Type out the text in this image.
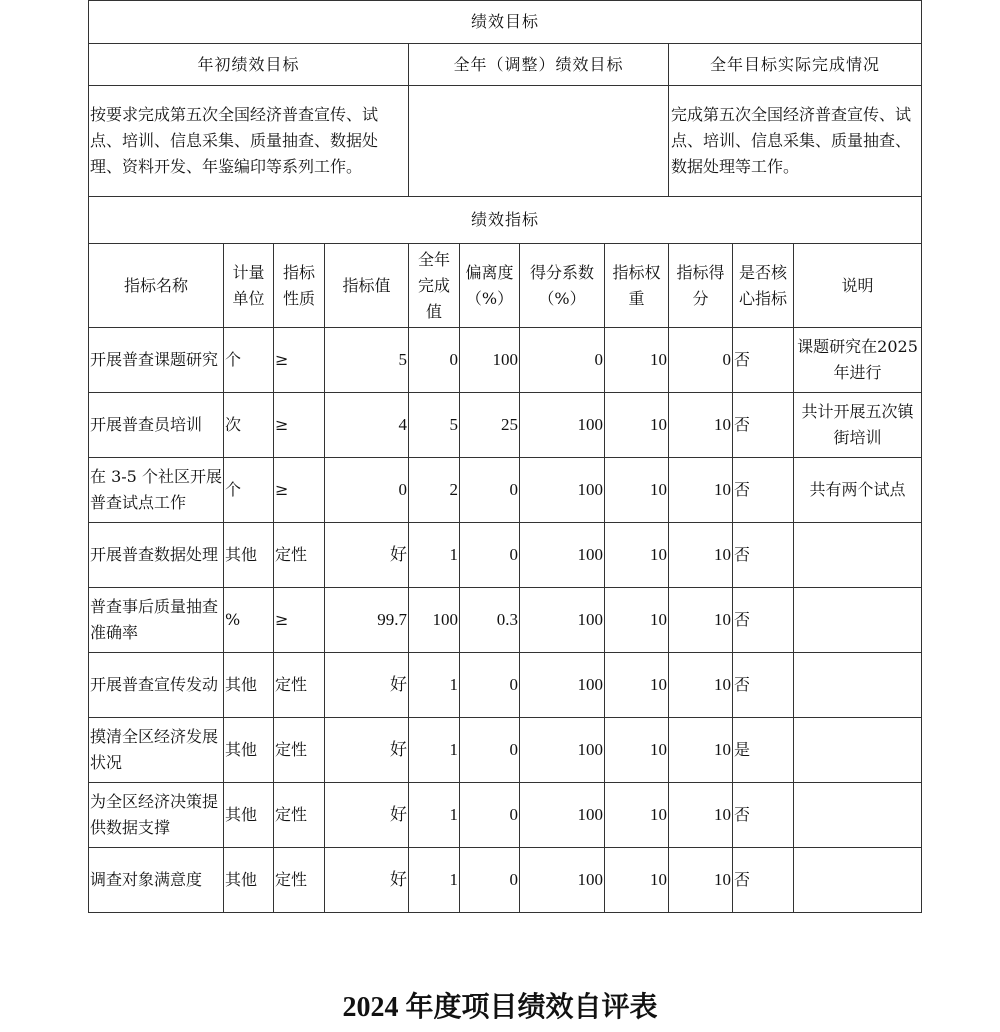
绩效目标										
年初绩效目标				全年（调整）绩效目标				全年目标实际完成情况		
按要求完成第五次全国经济普查宣传、试点、培训、信息采集、质量抽查、数据处理、资料开发、年鉴编印等系列工作。								完成第五次全国经济普查宣传、试点、培训、信息采集、质量抽查、数据处理等工作。		
绩效指标										
指标名称	计量单位	指标性质	指标值	全年完成值	偏离度（%）	得分系数（%）	指标权重	指标得分	是否核心指标	说明
开展普查课题研究	个	≥	5	0	100	0	10	0	否	课题研究在2025 年进行
开展普查员培训	次	≥	4	5	25	100	10	10	否	共计开展五次镇街培训
在 3-5 个社区开展普查试点工作	个	≥	0	2	0	100	10	10	否	共有两个试点
开展普查数据处理	其他	定性	好	1	0	100	10	10	否	
普查事后质量抽查准确率	%	≥	99.7	100	0.3	100	10	10	否	
开展普查宣传发动	其他	定性	好	1	0	100	10	10	否	
摸清全区经济发展状况	其他	定性	好	1	0	100	10	10	是	
为全区经济决策提供数据支撑	其他	定性	好	1	0	100	10	10	否	
调查对象满意度	其他	定性	好	1	0	100	10	10	否	
2024 年度项目绩效自评表
